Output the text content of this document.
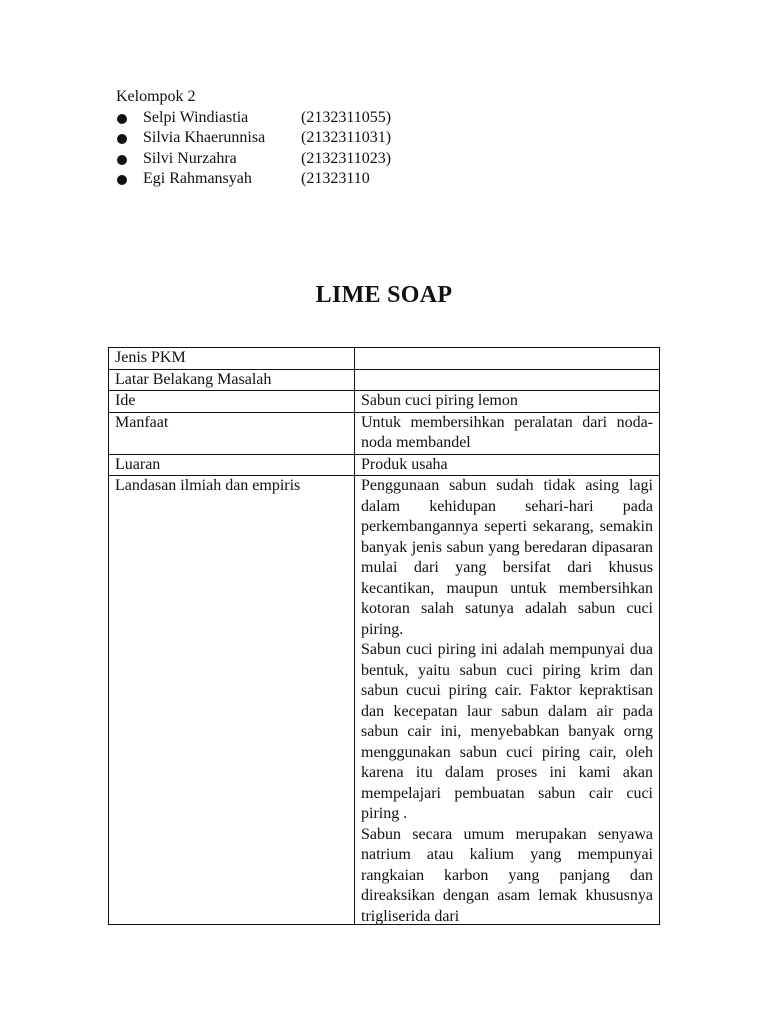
Kelompok 2
Selpi Windiastia	(2132311055)
Silvia Khaerunnisa (2132311031)
Silvi Nurzahra	(2132311023)
Egi Rahmansyah	(21323110
LIME SOAP
Jenis PKM	
Latar Belakang Masalah	
Ide	Sabun cuci piring lemon
Manfaat	Untuk membersihkan peralatan dari noda-noda membandel
Luaran	Produk usaha
Landasan ilmiah dan empiris	Penggunaan sabun sudah tidak asing lagi dalam kehidupan sehari-hari pada perkembangannya seperti sekarang, semakin banyak jenis sabun yang beredaran dipasaran mulai dari yang bersifat dari khusus kecantikan, maupun untuk membersihkan kotoran salah satunya adalah sabun cuci piring.

Sabun cuci piring ini adalah mempunyai dua bentuk, yaitu sabun cuci piring krim dan sabun cucui piring cair. Faktor kepraktisan dan kecepatan laur sabun dalam air pada sabun cair ini, menyebabkan banyak orng menggunakan sabun cuci piring cair, oleh karena itu dalam proses ini kami akan mempelajari pembuatan sabun cair cuci piring .

Sabun secara umum merupakan senyawa natrium atau kalium yang mempunyai rangkaian karbon yang panjang dan direaksikan dengan asam lemak khususnya trigliserida dari
